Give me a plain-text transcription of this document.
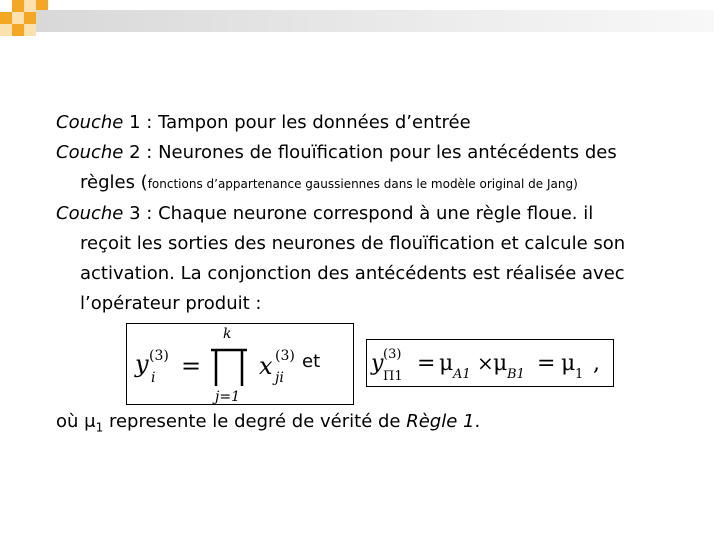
Couche 1 : Tampon pour les données d’entrée

Couche 2 : Neurones de flouïfication pour les antécédents des

règles (fonctions d’appartenance gaussiennes dans le modèle original de Jang)

Couche 3 : Chaque neurone correspond à une règle floue. il

reçoit les sorties des neurones de flouïfication et calcule son

activation. La conjonction des antécédents est réalisée avec

l’opérateur produit :

y (3)
i =
k
j=1
x (3)
ji
et y (3)
Π1
= μ A1 × μ B1 = μ 1 ,

où $\mu_1$ represente le degré de vérité de Règle 1.
